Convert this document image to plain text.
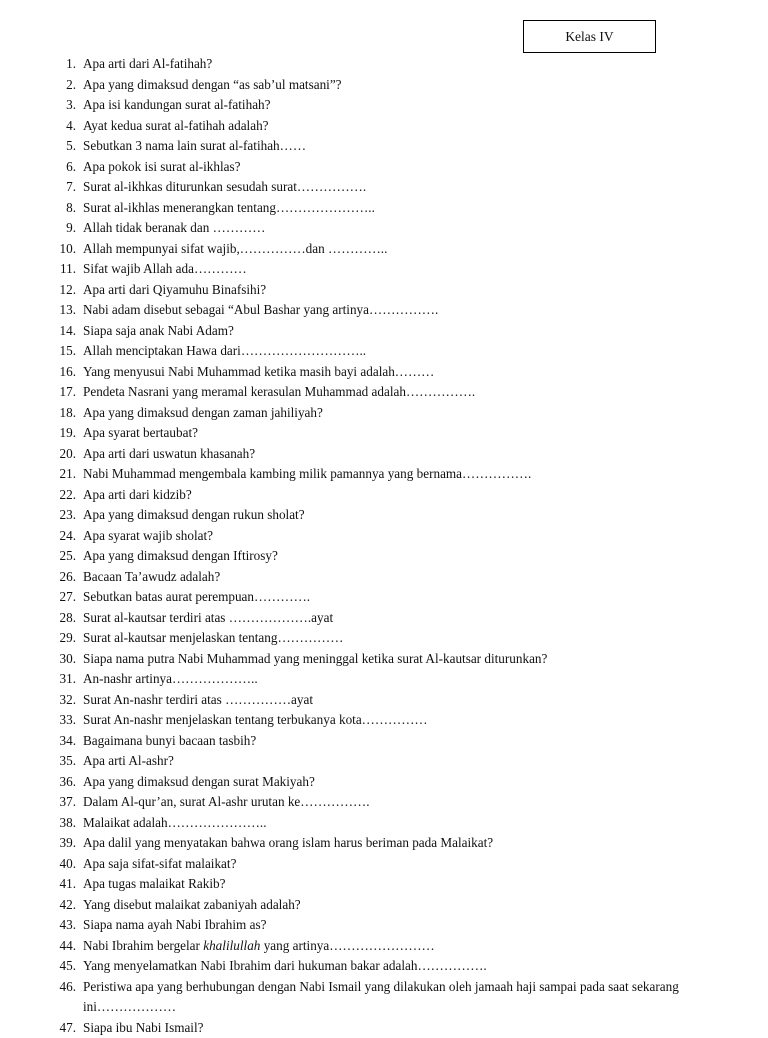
Kelas IV
1. Apa arti dari Al-fatihah?
2. Apa yang dimaksud dengan “as sab’ul matsani”?
3. Apa isi kandungan surat al-fatihah?
4. Ayat kedua surat al-fatihah adalah?
5. Sebutkan 3 nama lain surat al-fatihah……
6. Apa pokok isi surat al-ikhlas?
7. Surat al-ikhkas diturunkan sesudah surat…………….
8. Surat al-ikhlas menerangkan tentang…………………..
9. Allah tidak beranak dan …………
10. Allah mempunyai sifat wajib,……………dan …………..
11. Sifat wajib Allah ada…………
12. Apa arti dari Qiyamuhu Binafsihi?
13. Nabi adam disebut sebagai “Abul Bashar yang artinya…………….
14. Siapa saja anak Nabi Adam?
15. Allah menciptakan Hawa dari………………………..
16. Yang menyusui Nabi Muhammad ketika masih bayi adalah………
17. Pendeta Nasrani yang meramal kerasulan Muhammad adalah…………….
18. Apa yang dimaksud dengan zaman jahiliyah?
19. Apa syarat bertaubat?
20. Apa arti dari uswatun khasanah?
21. Nabi Muhammad mengembala kambing milik pamannya yang bernama…………….
22. Apa arti dari kidzib?
23. Apa yang dimaksud dengan rukun sholat?
24. Apa syarat wajib sholat?
25. Apa yang dimaksud dengan Iftirosy?
26. Bacaan Ta’awudz adalah?
27. Sebutkan batas aurat perempuan………….
28. Surat al-kautsar terdiri atas ……………….ayat
29. Surat al-kautsar menjelaskan tentang……………
30. Siapa nama putra Nabi Muhammad yang meninggal ketika surat Al-kautsar diturunkan?
31. An-nashr artinya………………..
32. Surat An-nashr terdiri atas ……………ayat
33. Surat An-nashr menjelaskan tentang terbukanya kota……………
34. Bagaimana bunyi bacaan tasbih?
35. Apa arti Al-ashr?
36. Apa yang dimaksud dengan surat Makiyah?
37. Dalam Al-qur’an, surat Al-ashr urutan ke…………….
38. Malaikat adalah…………………..
39. Apa dalil yang menyatakan bahwa orang islam harus beriman pada Malaikat?
40. Apa saja sifat-sifat malaikat?
41. Apa tugas malaikat Rakib?
42. Yang disebut malaikat zabaniyah adalah?
43. Siapa nama ayah Nabi Ibrahim as?
44. Nabi Ibrahim bergelar khalilullah yang artinya……………………
45. Yang menyelamatkan Nabi Ibrahim dari hukuman bakar adalah…………….
46. Peristiwa apa yang berhubungan dengan Nabi Ismail yang dilakukan oleh jamaah haji sampai pada saat sekarang ini………………
47. Siapa ibu Nabi Ismail?
